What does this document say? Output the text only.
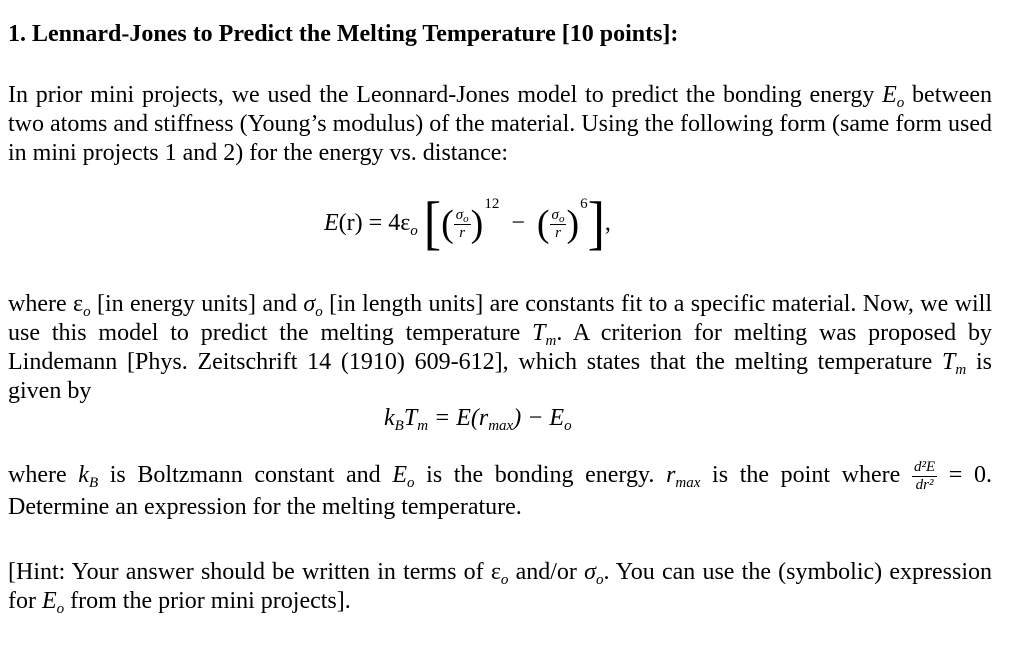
1. Lennard-Jones to Predict the Melting Temperature [10 points]:
In prior mini projects, we used the Leonnard-Jones model to predict the bonding energy $E_o$ between two atoms and stiffness (Young’s modulus) of the material. Using the following form (same form used in mini projects 1 and 2) for the energy vs. distance:
$E(r) = 4\varepsilon_o$ [( $\frac{\sigma_o}{r} )^{12}$ − ( $\frac{\sigma_o}{r} )^6$],
where $\varepsilon_o$ [in energy units] and $\sigma_o$ [in length units] are constants fit to a specific material. Now, we will use this model to predict the melting temperature $T_m$. A criterion for melting was proposed by Lindemann [Phys. Zeitschrift 14 (1910) 609-612], which states that the melting temperature $T_m$ is given by
$k_BT_m = E(r_{max}) - E_o$
where $k_B$ is Boltzmann constant and $E_o$ is the bonding energy. $r_{max}$ is the point where $\frac{\text{d²E}}{\text{dr²}} = 0$. Determine an expression for the melting temperature.
[Hint: Your answer should be written in terms of $\varepsilon_o$ and/or $\sigma_o$. You can use the (symbolic) expression for $E_o$ from the prior mini projects].
